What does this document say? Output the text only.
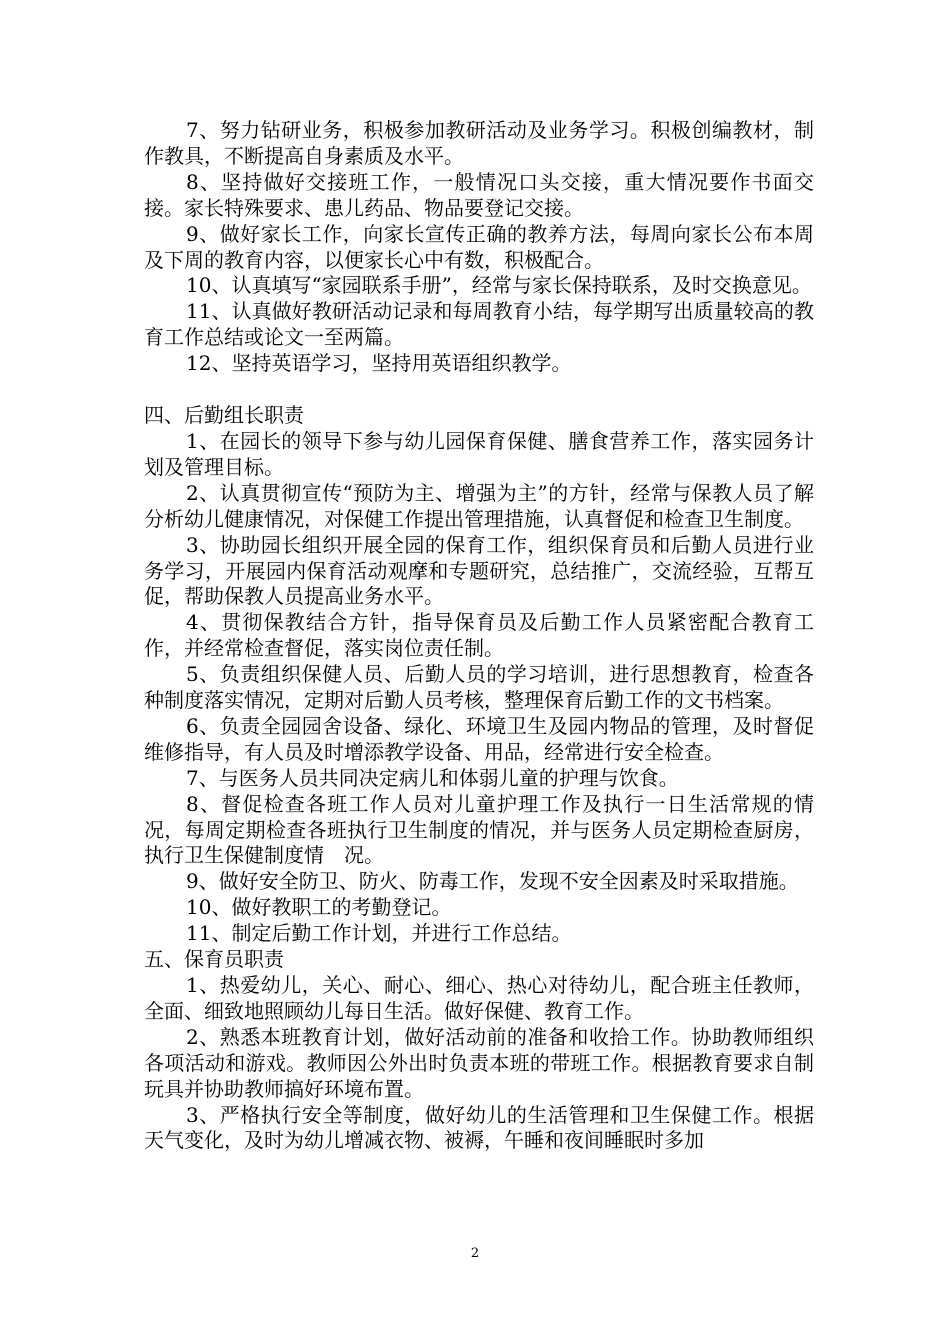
7、努力钻研业务，积极参加教研活动及业务学习。积极创编教材，制作教具，不断提高自身素质及水平。

8、坚持做好交接班工作，一般情况口头交接，重大情况要作书面交接。家长特殊要求、患儿药品、物品要登记交接。

9、做好家长工作，向家长宣传正确的教养方法，每周向家长公布本周及下周的教育内容，以便家长心中有数，积极配合。

10、认真填写“家园联系手册”，经常与家长保持联系，及时交换意见。

11、认真做好教研活动记录和每周教育小结，每学期写出质量较高的教育工作总结或论文一至两篇。

12、坚持英语学习，坚持用英语组织教学。

四、后勤组长职责

1、在园长的领导下参与幼儿园保育保健、膳食营养工作，落实园务计划及管理目标。

2、认真贯彻宣传“预防为主、增强为主”的方针，经常与保教人员了解分析幼儿健康情况，对保健工作提出管理措施，认真督促和检查卫生制度。

3、协助园长组织开展全园的保育工作，组织保育员和后勤人员进行业务学习，开展园内保育活动观摩和专题研究，总结推广，交流经验，互帮互促，帮助保教人员提高业务水平。

4、贯彻保教结合方针，指导保育员及后勤工作人员紧密配合教育工作，并经常检查督促，落实岗位责任制。

5、负责组织保健人员、后勤人员的学习培训，进行思想教育，检查各种制度落实情况，定期对后勤人员考核，整理保育后勤工作的文书档案。

6、负责全园园舍设备、绿化、环境卫生及园内物品的管理，及时督促维修指导，有人员及时增添教学设备、用品，经常进行安全检查。

7、与医务人员共同决定病儿和体弱儿童的护理与饮食。

8、督促检查各班工作人员对儿童护理工作及执行一日生活常规的情况，每周定期检查各班执行卫生制度的情况，并与医务人员定期检查厨房，执行卫生保健制度情　况。

9、做好安全防卫、防火、防毒工作，发现不安全因素及时采取措施。

10、做好教职工的考勤登记。

11、制定后勤工作计划，并进行工作总结。

五、保育员职责

1、热爱幼儿，关心、耐心、细心、热心对待幼儿，配合班主任教师，全面、细致地照顾幼儿每日生活。做好保健、教育工作。

2、熟悉本班教育计划，做好活动前的准备和收拾工作。协助教师组织各项活动和游戏。教师因公外出时负责本班的带班工作。根据教育要求自制玩具并协助教师搞好环境布置。

3、严格执行安全等制度，做好幼儿的生活管理和卫生保健工作。根据天气变化，及时为幼儿增减衣物、被褥，午睡和夜间睡眠时多加

2
